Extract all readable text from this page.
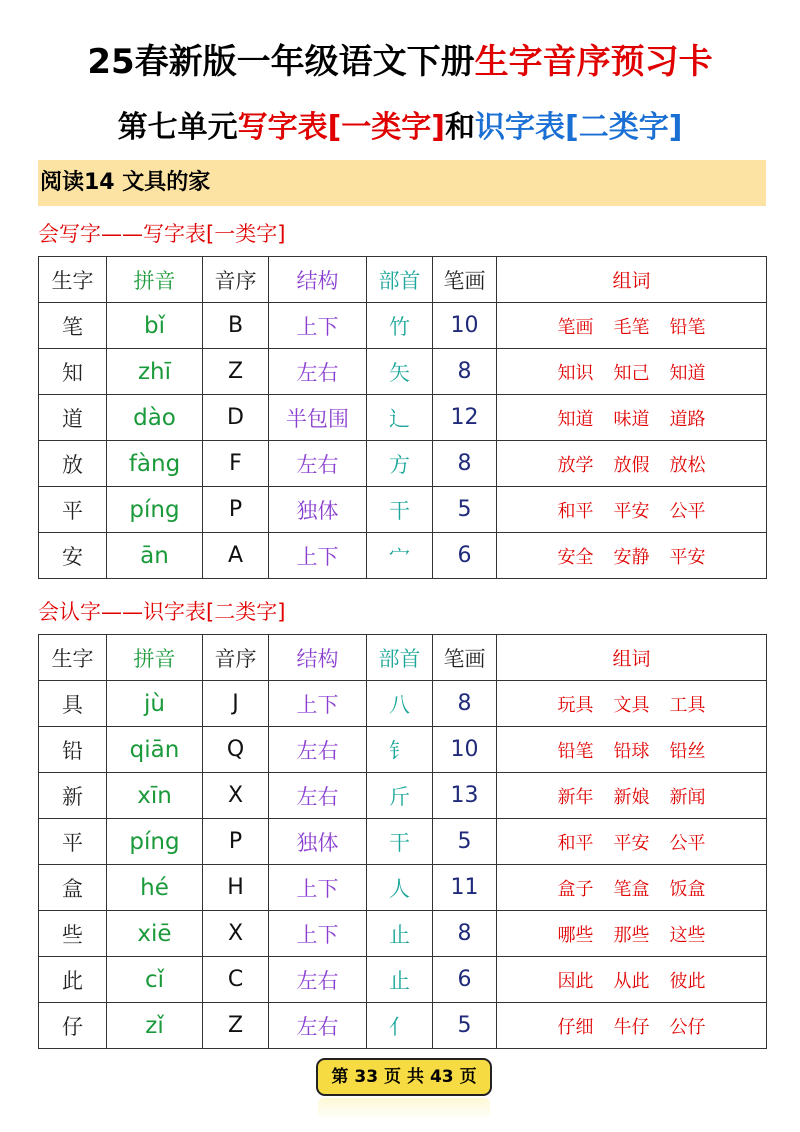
25春新版一年级语文下册生字音序预习卡
第七单元写字表[一类字]和识字表[二类字]
阅读14 文具的家
会写字——写字表[一类字]
生字	拼音	音序	结构	部首	笔画	组词
笔	bǐ	B	上下	竹	10	笔画 毛笔 铅笔
知	zhī	Z	左右	矢	8	知识 知己 知道
道	dào	D	半包围	辶	12	知道 味道 道路
放	fàng	F	左右	方	8	放学 放假 放松
平	píng	P	独体	干	5	和平 平安 公平
安	ān	A	上下	宀	6	安全 安静 平安
会认字——识字表[二类字]
生字	拼音	音序	结构	部首	笔画	组词
具	jù	J	上下	八	8	玩具 文具 工具
铅	qiān	Q	左右	钅	10	铅笔 铅球 铅丝
新	xīn	X	左右	斤	13	新年 新娘 新闻
平	píng	P	独体	干	5	和平 平安 公平
盒	hé	H	上下	人	11	盒子 笔盒 饭盒
些	xiē	X	上下	止	8	哪些 那些 这些
此	cǐ	C	左右	止	6	因此 从此 彼此
仔	zǐ	Z	左右	亻	5	仔细 牛仔 公仔
第 33 页 共 43 页
